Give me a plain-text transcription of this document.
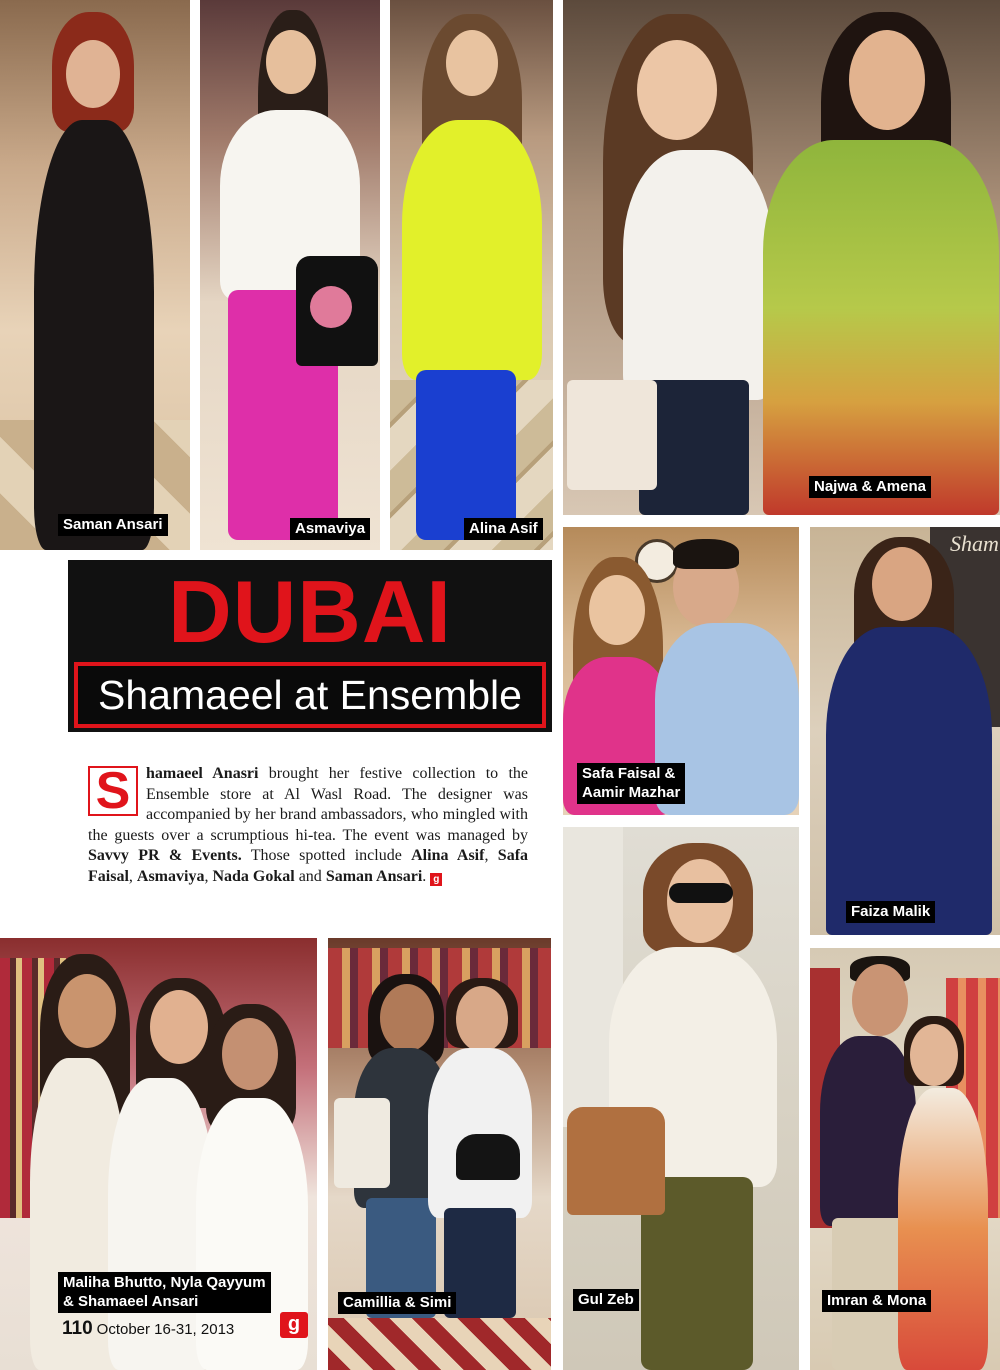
Saman Ansari	Asmaviya	Alina Asif
Najwa & Amena
DUBAI
Shamaeel at Ensemble
S hamaeel Anasri brought her festive collection to the Ensemble store at Al Wasl Road. The designer was accompanied by her brand ambassadors, who mingled with the guests over a scrumptious hi-tea. The event was managed by Savvy PR & Events. Those spotted include Alina Asif, Safa Faisal, Asmaviya, Nada Gokal and Saman Ansari. g
Safa Faisal &
Aamir Mazhar
Sham
Faiza Malik
Maliha Bhutto, Nyla Qayyum
& Shamaeel Ansari	Camillia & Simi	Gul Zeb	Imran & Mona
110 October 16-31, 2013	g
